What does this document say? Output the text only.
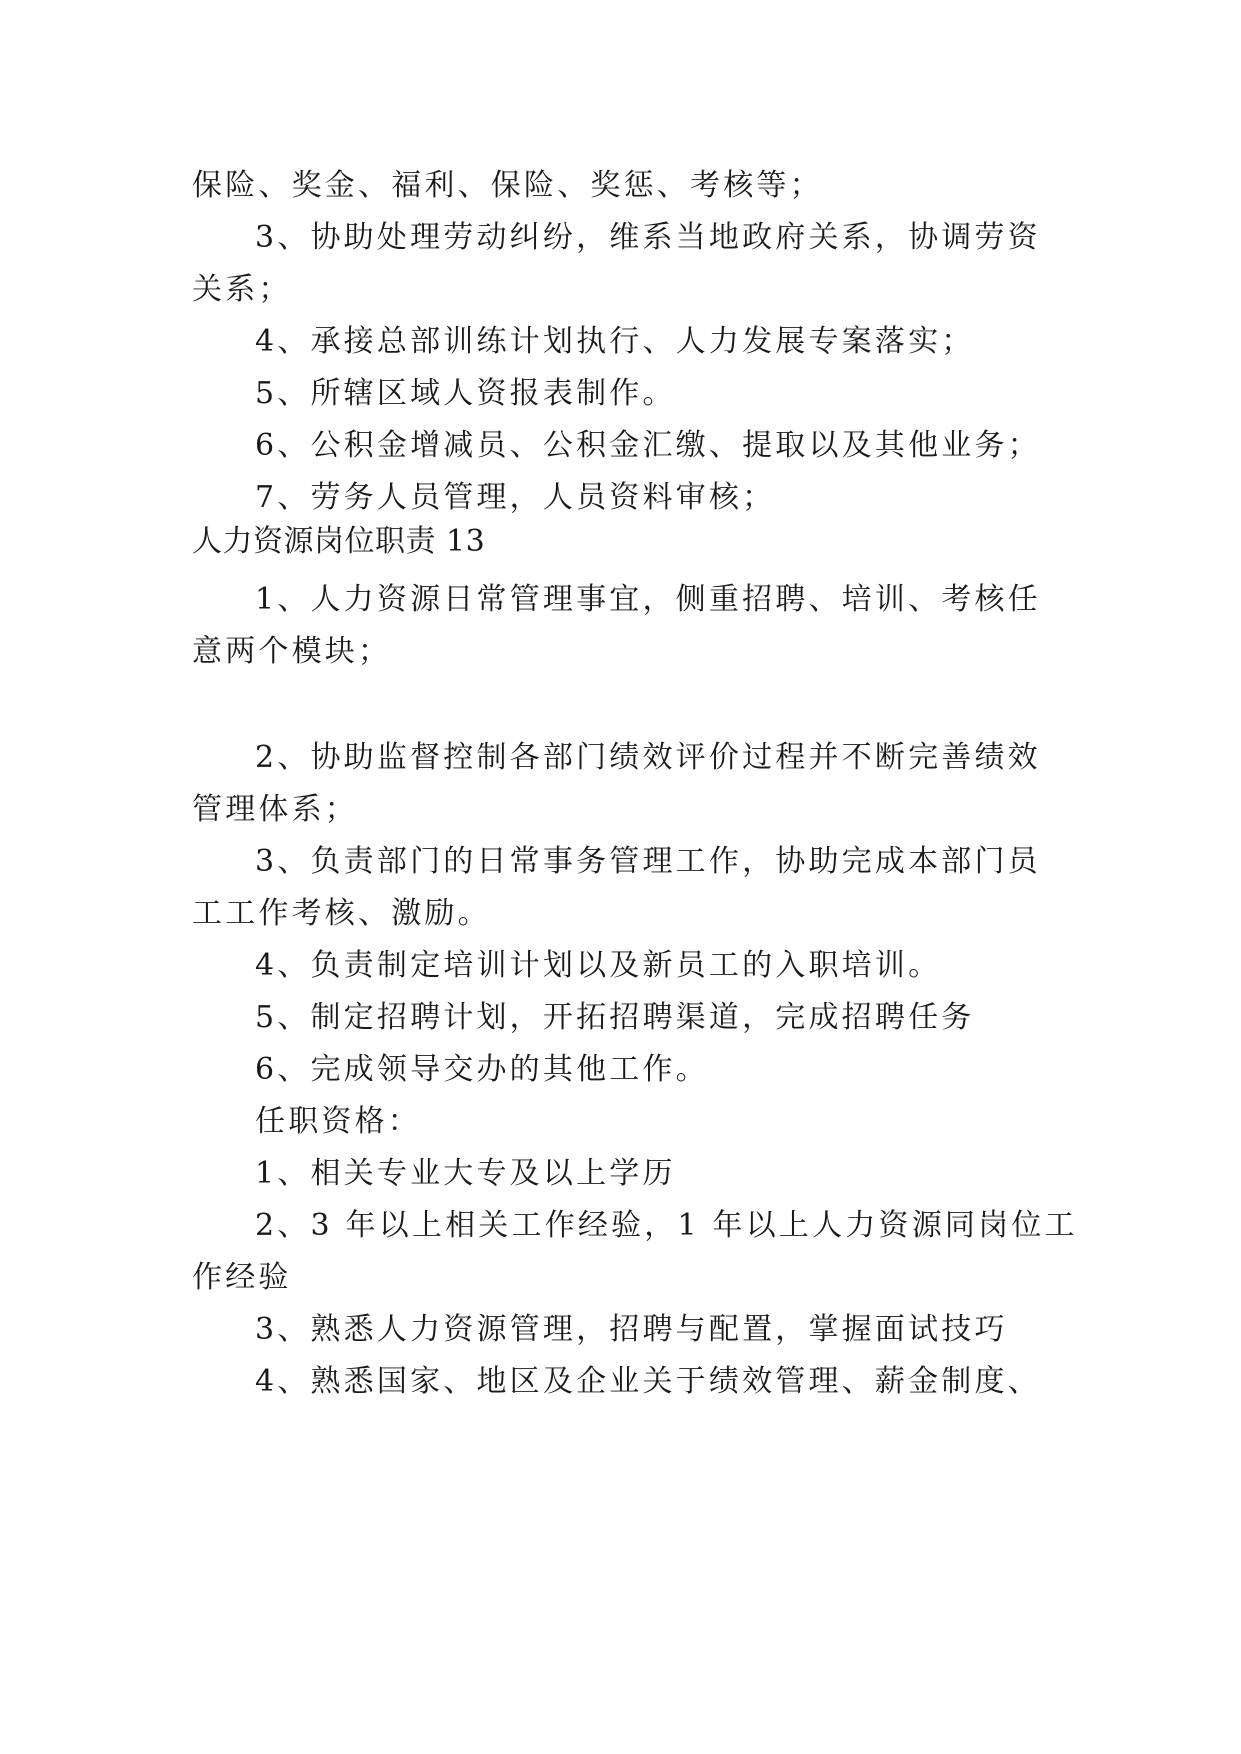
保险、奖金、福利、保险、奖惩、考核等；

3、协助处理劳动纠纷，维系当地政府关系，协调劳资

关系；

4、承接总部训练计划执行、人力发展专案落实；

5、所辖区域人资报表制作。

6、公积金增减员、公积金汇缴、提取以及其他业务；

7、劳务人员管理，人员资料审核；

人力资源岗位职责 13

1、人力资源日常管理事宜，侧重招聘、培训、考核任

意两个模块；

2、协助监督控制各部门绩效评价过程并不断完善绩效

管理体系；

3、负责部门的日常事务管理工作，协助完成本部门员

工工作考核、激励。

4、负责制定培训计划以及新员工的入职培训。

5、制定招聘计划，开拓招聘渠道，完成招聘任务

6、完成领导交办的其他工作。

任职资格：

1、相关专业大专及以上学历

2、3 年以上相关工作经验，1 年以上人力资源同岗位工

作经验

3、熟悉人力资源管理，招聘与配置，掌握面试技巧

4、熟悉国家、地区及企业关于绩效管理、薪金制度、
